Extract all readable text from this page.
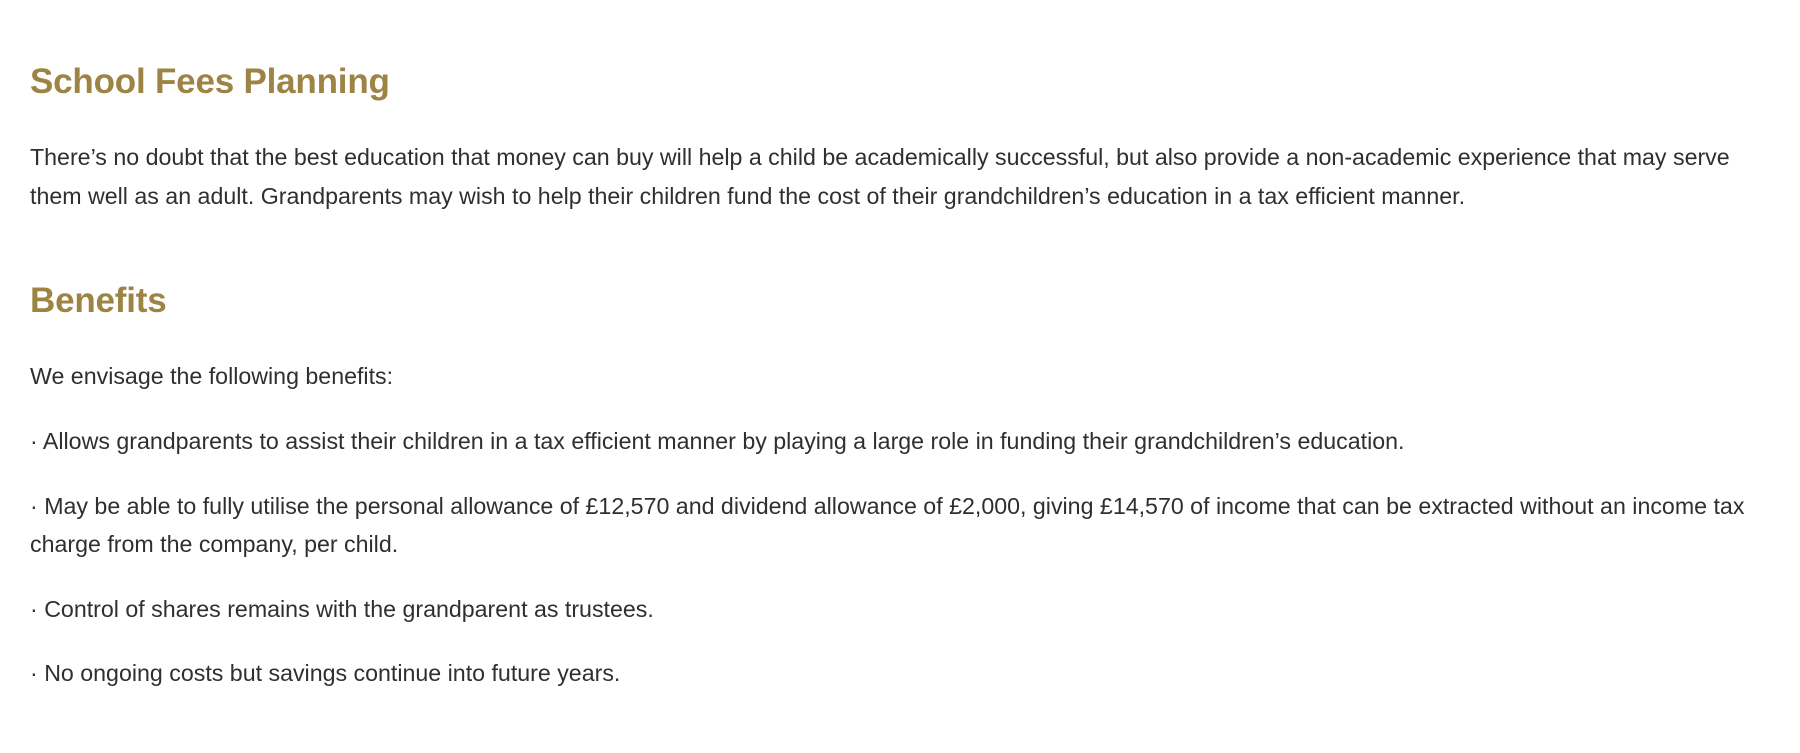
School Fees Planning

There’s no doubt that the best education that money can buy will help a child be academically successful, but also provide a non-academic experience that may serve them well as an adult. Grandparents may wish to help their children fund the cost of their grandchildren’s education in a tax efficient manner.

Benefits

We envisage the following benefits:

· Allows grandparents to assist their children in a tax efficient manner by playing a large role in funding their grandchildren’s education.
· May be able to fully utilise the personal allowance of £12,570 and dividend allowance of £2,000, giving £14,570 of income that can be extracted without an income tax charge from the company, per child.
· Control of shares remains with the grandparent as trustees.
· No ongoing costs but savings continue into future years.
